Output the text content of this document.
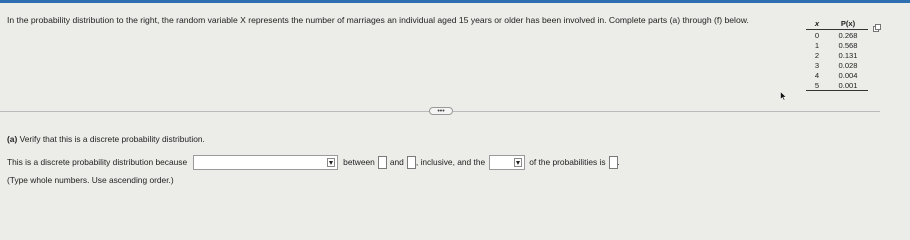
In the probability distribution to the right, the random variable X represents the number of marriages an individual aged 15 years or older has been involved in. Complete parts (a) through (f) below.	x	P(x)
0	0.268
1	0.568
2	0.131
3	0.028
4	0.004
5	0.001
•••
(a) Verify that this is a discrete probability distribution.
This is a discrete probability distribution because	between and , inclusive, and the	of the probabilities is .
(Type whole numbers. Use ascending order.)
